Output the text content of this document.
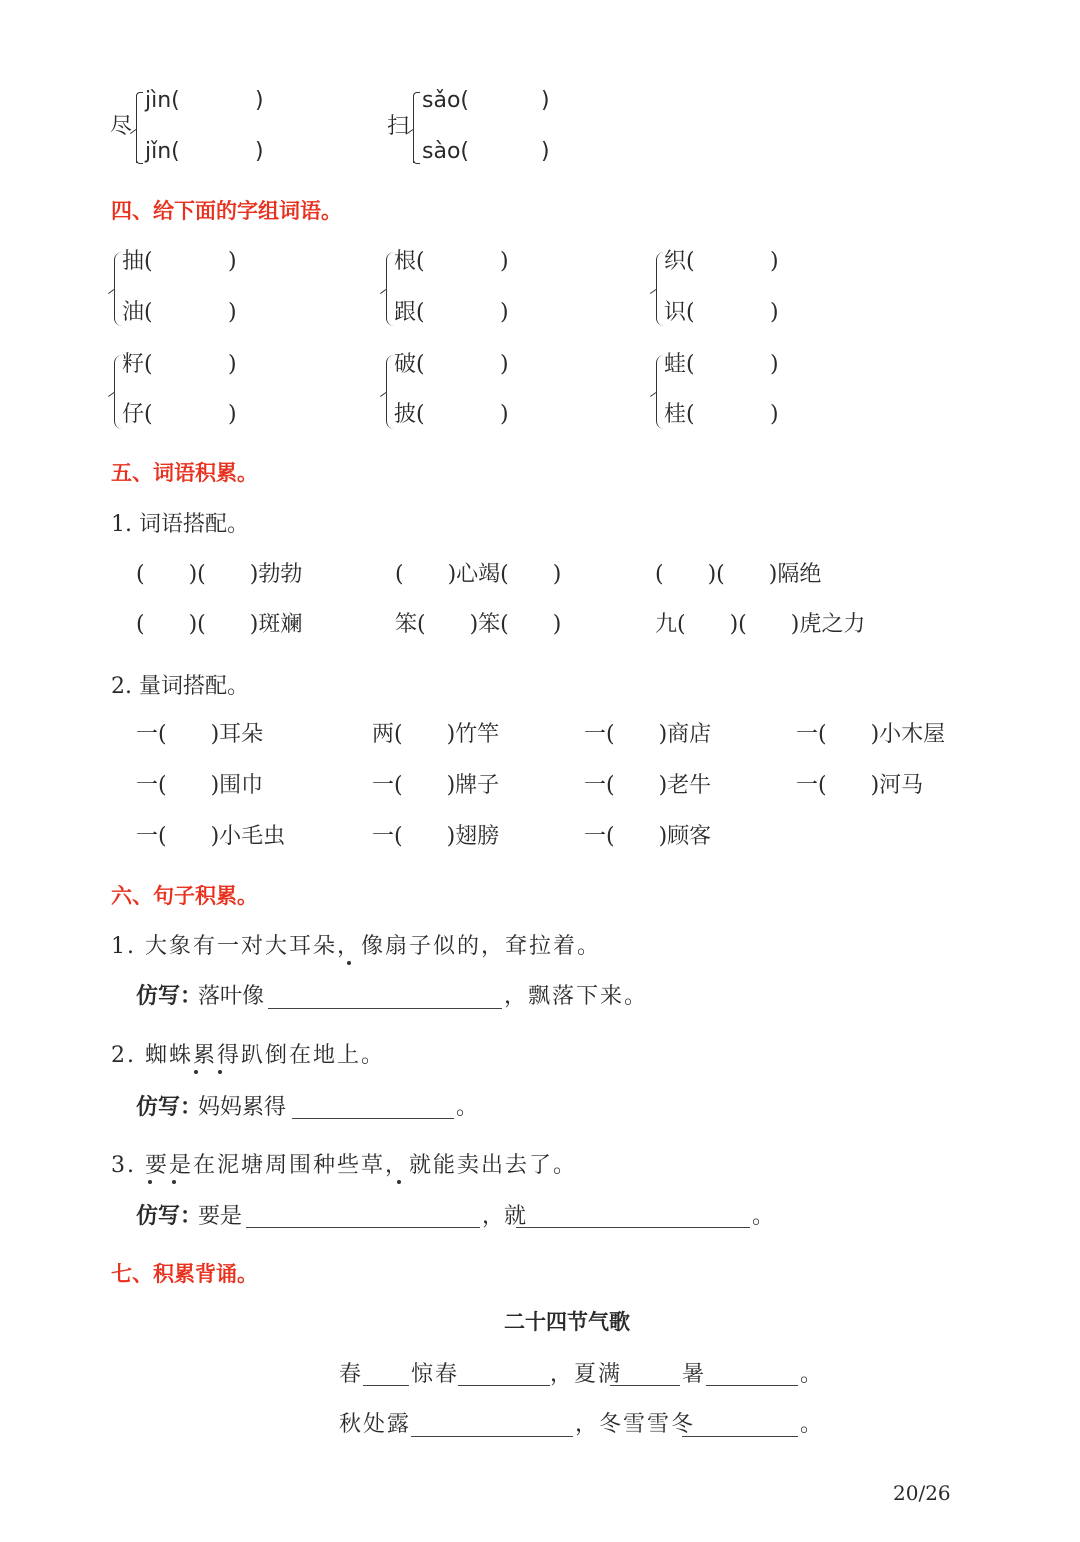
尽
jìn(	)
jǐn(	)
扫
sǎo(	)
sào(	)
四、给下面的字组词语。
抽(	)
油(	)
根(	)
跟(	)
织(	)
识(	)
籽(	)
仔(	)
破(	)
披(	)
蛙(	)
桂(	)
五、词语积累。
1. 词语搭配。
(　　)(　　)勃勃	(　　)心竭(　　)	(　　)(　　)隔绝
(　　)(　　)斑斓	笨(　　)笨(　　)	九(　　)(　　)虎之力
2. 量词搭配。
一(　　)耳朵	两(　　)竹竿	一(　　)商店	一(　　)小木屋
一(　　)围巾	一(　　)牌子	一(　　)老牛	一(　　)河马
一(　　)小毛虫	一(　　)翅膀	一(　　)顾客
六、句子积累。
1. 大象有一对大耳朵，像扇子似的，耷拉着。
仿写：
落叶像	，飘落下来。
2. 蜘蛛累得趴倒在地上。
仿写：
妈妈累得	。
3. 要是在泥塘周围种些草，就能卖出去了。
仿写：
要是	，就	。
七、积累背诵。
二十四节气歌
春 惊春	，夏满	暑	。
秋处露	，冬雪雪冬	。
20/26
